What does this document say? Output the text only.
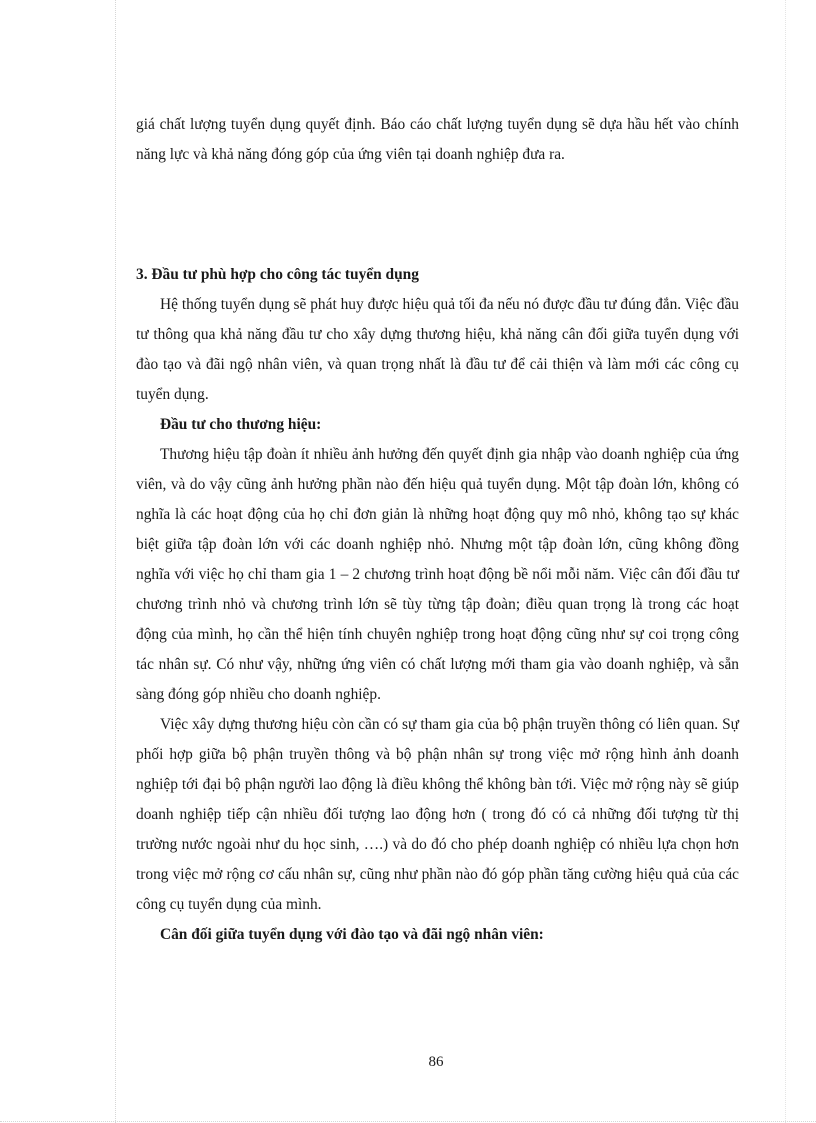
giá chất lượng tuyển dụng quyết định. Báo cáo chất lượng tuyển dụng sẽ dựa hầu hết vào chính năng lực và khả năng đóng góp của ứng viên tại doanh nghiệp đưa ra.

3. Đầu tư phù hợp cho công tác tuyển dụng

Hệ thống tuyển dụng sẽ phát huy được hiệu quả tối đa nếu nó được đầu tư đúng đắn. Việc đầu tư thông qua khả năng đầu tư cho xây dựng thương hiệu, khả năng cân đối giữa tuyển dụng với đào tạo và đãi ngộ nhân viên, và quan trọng nhất là đầu tư để cải thiện và làm mới các công cụ tuyển dụng.

Đầu tư cho thương hiệu:

Thương hiệu tập đoàn ít nhiều ảnh hưởng đến quyết định gia nhập vào doanh nghiệp của ứng viên, và do vậy cũng ảnh hưởng phần nào đến hiệu quả tuyển dụng. Một tập đoàn lớn, không có nghĩa là các hoạt động của họ chỉ đơn giản là những hoạt động quy mô nhỏ, không tạo sự khác biệt giữa tập đoàn lớn với các doanh nghiệp nhỏ. Nhưng một tập đoàn lớn, cũng không đồng nghĩa với việc họ chỉ tham gia 1 – 2 chương trình hoạt động bề nổi mỗi năm. Việc cân đối đầu tư chương trình nhỏ và chương trình lớn sẽ tùy từng tập đoàn; điều quan trọng là trong các hoạt động của mình, họ cần thể hiện tính chuyên nghiệp trong hoạt động cũng như sự coi trọng công tác nhân sự. Có như vậy, những ứng viên có chất lượng mới tham gia vào doanh nghiệp, và sẵn sàng đóng góp nhiều cho doanh nghiệp.

Việc xây dựng thương hiệu còn cần có sự tham gia của bộ phận truyền thông có liên quan. Sự phối hợp giữa bộ phận truyền thông và bộ phận nhân sự trong việc mở rộng hình ảnh doanh nghiệp tới đại bộ phận người lao động là điều không thể không bàn tới. Việc mở rộng này sẽ giúp doanh nghiệp tiếp cận nhiều đối tượng lao động hơn ( trong đó có cả những đối tượng từ thị trường nước ngoài như du học sinh, ….) và do đó cho phép doanh nghiệp có nhiều lựa chọn hơn trong việc mở rộng cơ cấu nhân sự, cũng như phần nào đó góp phần tăng cường hiệu quả của các công cụ tuyển dụng của mình.

Cân đối giữa tuyển dụng với đào tạo và đãi ngộ nhân viên:

86
